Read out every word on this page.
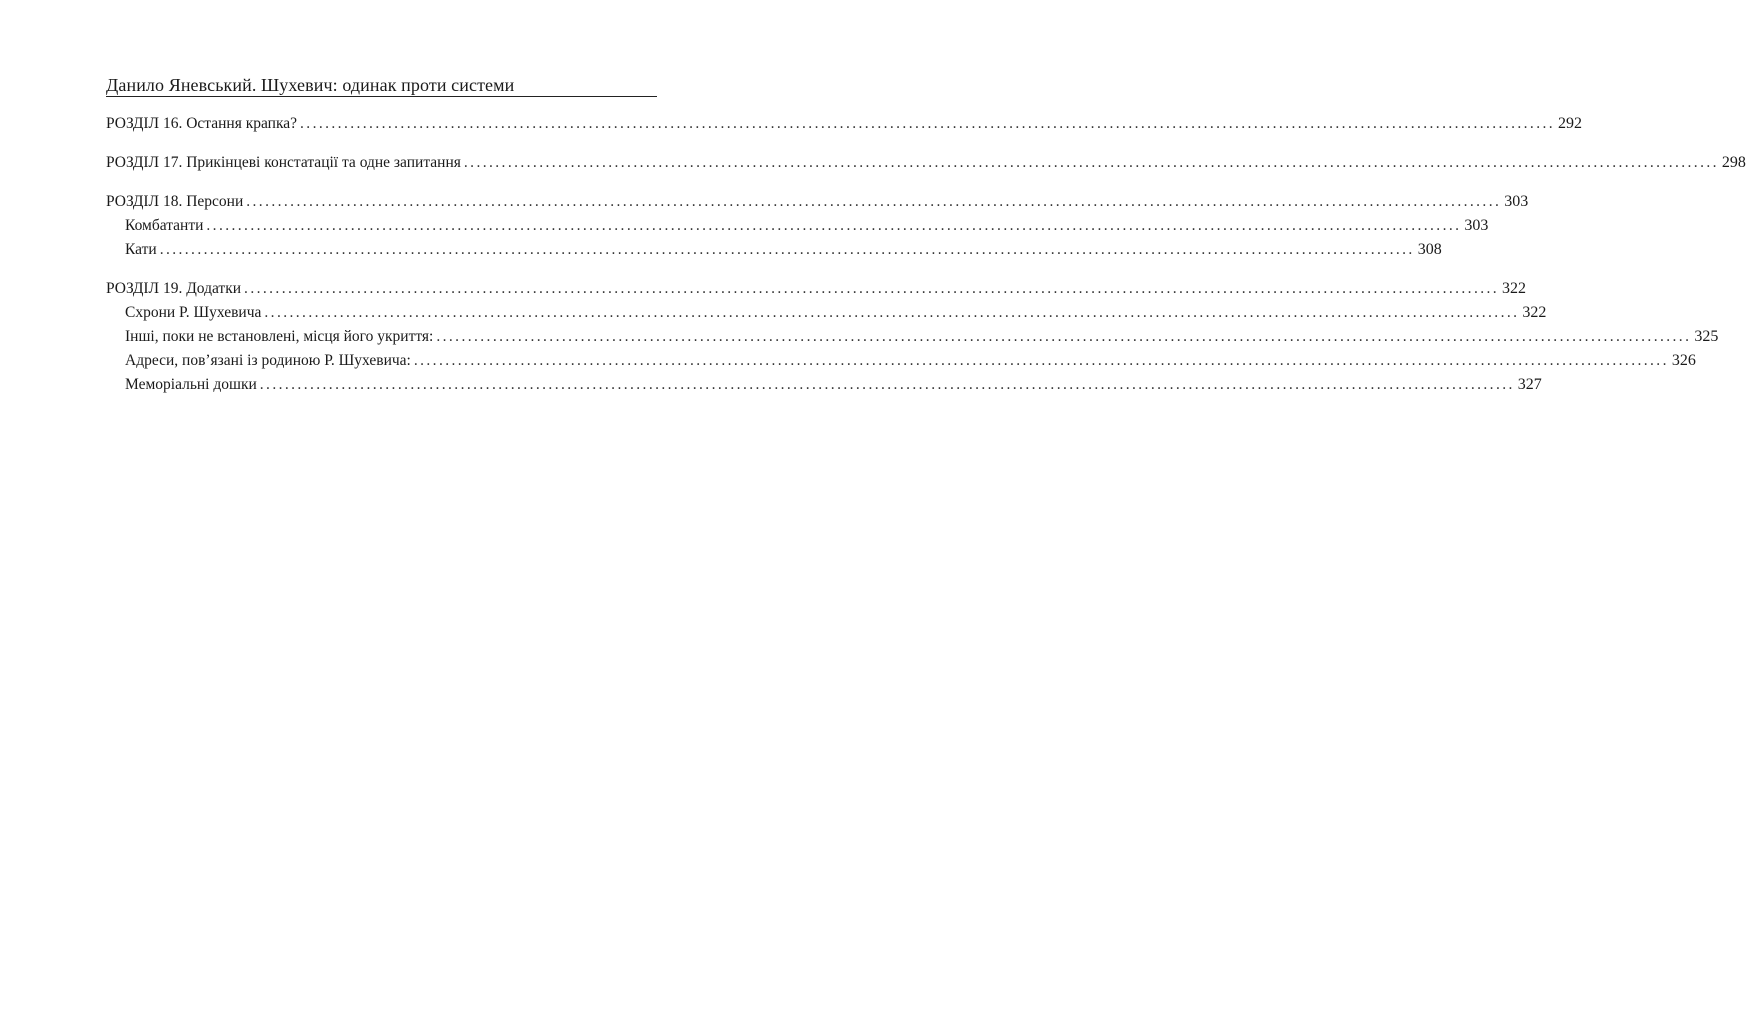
Данило Яневський. Шухевич: одинак проти системи
РОЗДІЛ 16. Остання крапка? ........................................................................................................................................................................................................ 292
РОЗДІЛ 17. Прикінцеві констатації та одне запитання ........................................................................................................................................................................................................ 298
РОЗДІЛ 18. Персони ........................................................................................................................................................................................................ 303
Комбатанти ........................................................................................................................................................................................................ 303
Кати ........................................................................................................................................................................................................ 308
РОЗДІЛ 19. Додатки ........................................................................................................................................................................................................ 322
Схрони Р. Шухевича ........................................................................................................................................................................................................ 322
Інші, поки не встановлені, місця його укриття: ........................................................................................................................................................................................................ 325
Адреси, пов’язані із родиною Р. Шухевича: ........................................................................................................................................................................................................ 326
Меморіальні дошки ........................................................................................................................................................................................................ 327
